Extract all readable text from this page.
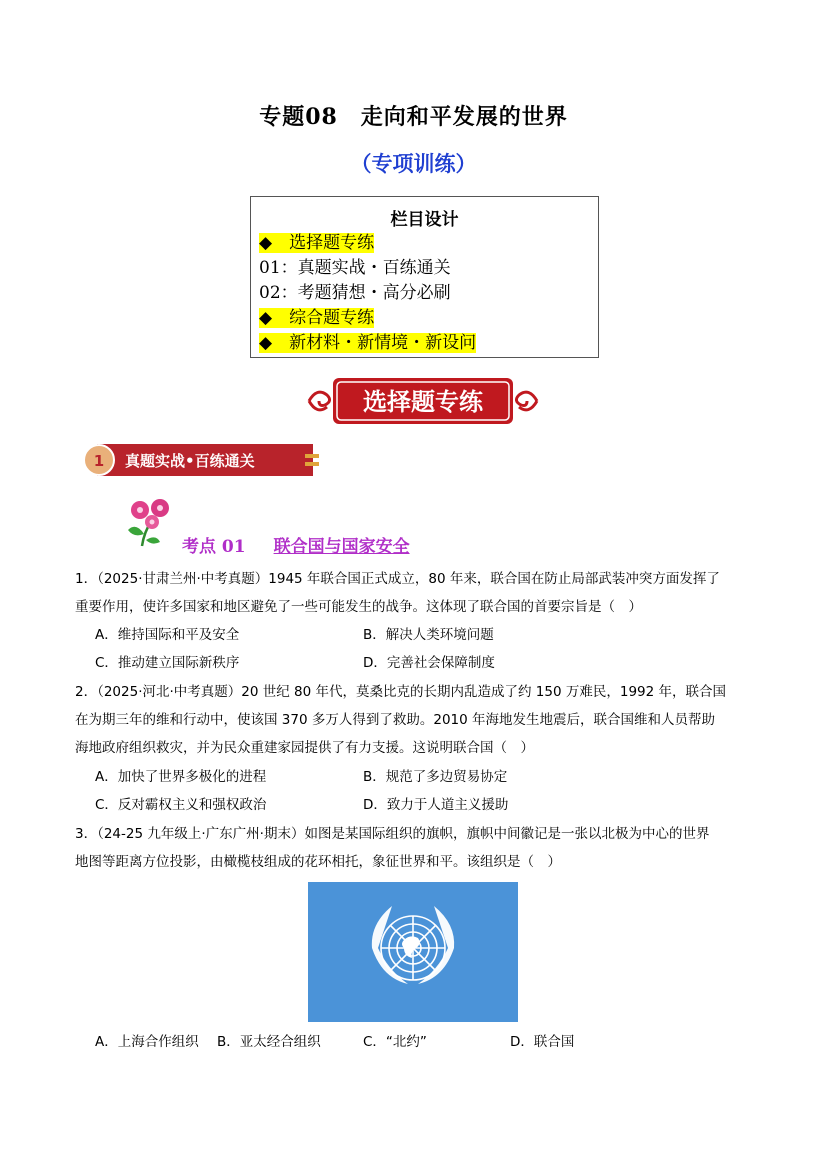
专题08　走向和平发展的世界
（专项训练）
栏目设计
◆　选择题专练
01：真题实战・百练通关
02：考题猜想・高分必刷
◆　综合题专练
◆　新材料・新情境・新设问
选择题专练
1 真题实战•百练通关
考点 01 联合国与国家安全
1．（2025·甘肃兰州·中考真题）1945 年联合国正式成立，80 年来，联合国在防止局部武装冲突方面发挥了
重要作用，使许多国家和地区避免了一些可能发生的战争。这体现了联合国的首要宗旨是（　）
A．维持国际和平及安全	B．解决人类环境问题
C．推动建立国际新秩序	D．完善社会保障制度
2．（2025·河北·中考真题）20 世纪 80 年代，莫桑比克的长期内乱造成了约 150 万难民，1992 年，联合国
在为期三年的维和行动中，使该国 370 多万人得到了救助。2010 年海地发生地震后，联合国维和人员帮助
海地政府组织救灾，并为民众重建家园提供了有力支援。这说明联合国（　）
A．加快了世界多极化的进程	B．规范了多边贸易协定
C．反对霸权主义和强权政治	D．致力于人道主义援助
3．（24-25 九年级上·广东广州·期末）如图是某国际组织的旗帜，旗帜中间徽记是一张以北极为中心的世界
地图等距离方位投影，由橄榄枝组成的花环相托，象征世界和平。该组织是（　）
A．上海合作组织 B．亚太经合组织	C．“北约”	D．联合国
